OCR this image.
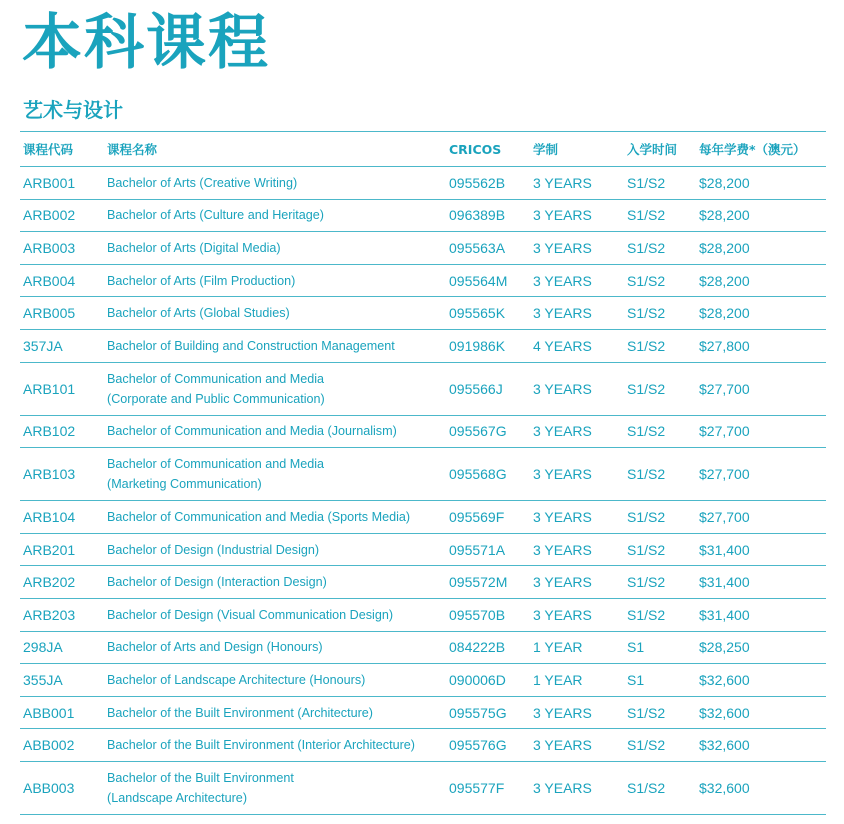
本科课程
艺术与设计
课程代码	课程名称	CRICOS	学制	入学时间	每年学费*（澳元）
ARB001	Bachelor of Arts (Creative Writing)	095562B	3 YEARS	S1/S2	$28,200
ARB002	Bachelor of Arts (Culture and Heritage)	096389B	3 YEARS	S1/S2	$28,200
ARB003	Bachelor of Arts (Digital Media)	095563A	3 YEARS	S1/S2	$28,200
ARB004	Bachelor of Arts (Film Production)	095564M	3 YEARS	S1/S2	$28,200
ARB005	Bachelor of Arts (Global Studies)	095565K	3 YEARS	S1/S2	$28,200
357JA	Bachelor of Building and Construction Management	091986K	4 YEARS	S1/S2	$27,800
ARB101	Bachelor of Communication and Media
(Corporate and Public Communication)	095566J	3 YEARS	S1/S2	$27,700
ARB102	Bachelor of Communication and Media (Journalism)	095567G	3 YEARS	S1/S2	$27,700
ARB103	Bachelor of Communication and Media
(Marketing Communication)	095568G	3 YEARS	S1/S2	$27,700
ARB104	Bachelor of Communication and Media (Sports Media)	095569F	3 YEARS	S1/S2	$27,700
ARB201	Bachelor of Design (Industrial Design)	095571A	3 YEARS	S1/S2	$31,400
ARB202	Bachelor of Design (Interaction Design)	095572M	3 YEARS	S1/S2	$31,400
ARB203	Bachelor of Design (Visual Communication Design)	095570B	3 YEARS	S1/S2	$31,400
298JA	Bachelor of Arts and Design (Honours)	084222B	1 YEAR	S1	$28,250
355JA	Bachelor of Landscape Architecture (Honours)	090006D	1 YEAR	S1	$32,600
ABB001	Bachelor of the Built Environment (Architecture)	095575G	3 YEARS	S1/S2	$32,600
ABB002	Bachelor of the Built Environment (Interior Architecture)	095576G	3 YEARS	S1/S2	$32,600
ABB003	Bachelor of the Built Environment
(Landscape Architecture)	095577F	3 YEARS	S1/S2	$32,600
